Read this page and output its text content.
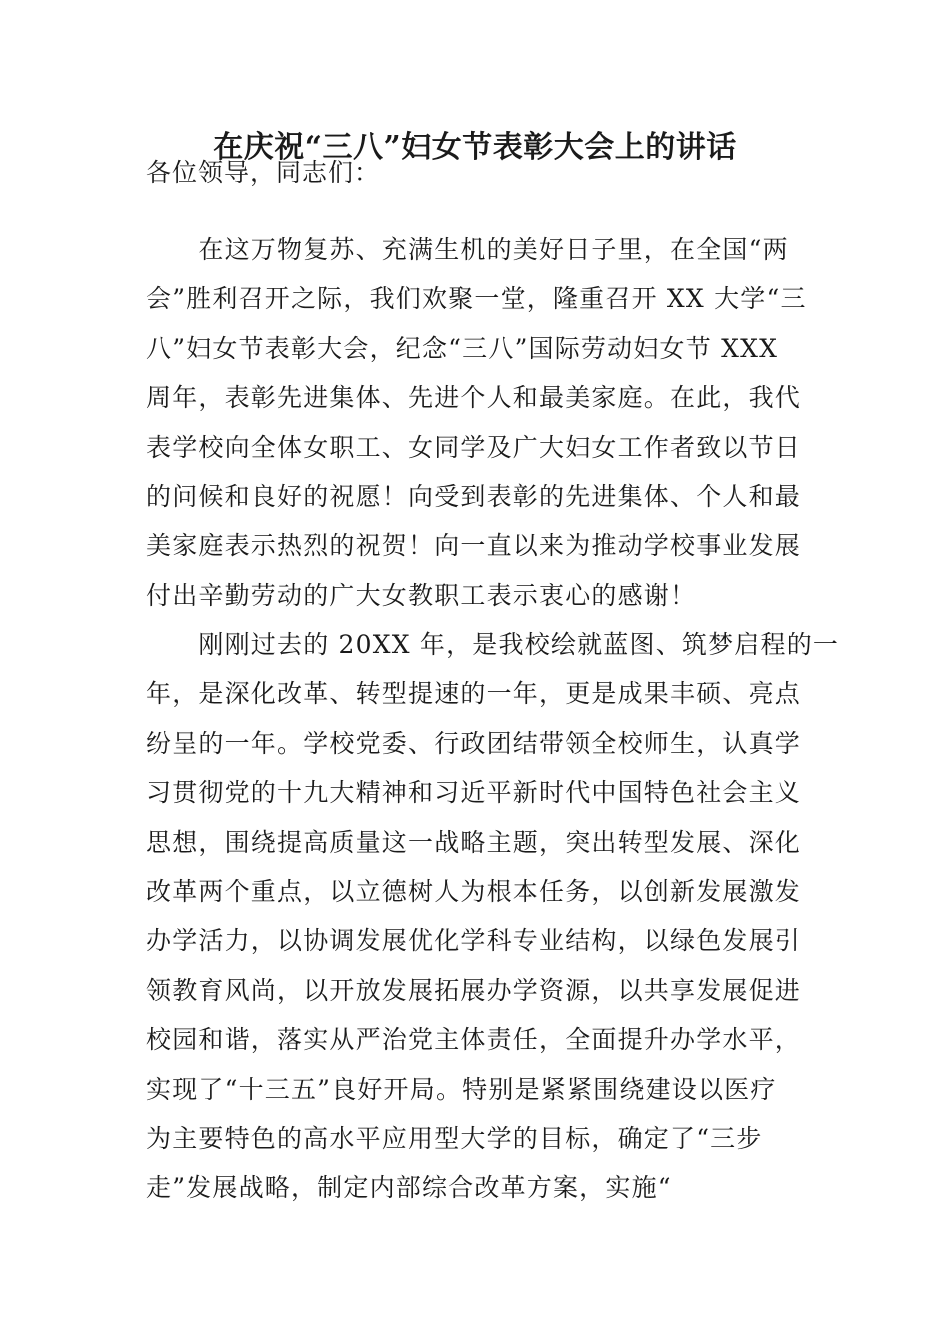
在庆祝“三八”妇女节表彰大会上的讲话
各位领导，同志们：
　　在这万物复苏、充满生机的美好日子里，在全国“两
会”胜利召开之际，我们欢聚一堂，隆重召开 XX 大学“三
八”妇女节表彰大会，纪念“三八”国际劳动妇女节 XXX
周年，表彰先进集体、先进个人和最美家庭。在此，我代
表学校向全体女职工、女同学及广大妇女工作者致以节日
的问候和良好的祝愿！向受到表彰的先进集体、个人和最
美家庭表示热烈的祝贺！向一直以来为推动学校事业发展
付出辛勤劳动的广大女教职工表示衷心的感谢！
　　刚刚过去的 20XX 年，是我校绘就蓝图、筑梦启程的一
年，是深化改革、转型提速的一年，更是成果丰硕、亮点
纷呈的一年。学校党委、行政团结带领全校师生，认真学
习贯彻党的十九大精神和习近平新时代中国特色社会主义
思想，围绕提高质量这一战略主题，突出转型发展、深化
改革两个重点，以立德树人为根本任务，以创新发展激发
办学活力，以协调发展优化学科专业结构，以绿色发展引
领教育风尚，以开放发展拓展办学资源，以共享发展促进
校园和谐，落实从严治党主体责任，全面提升办学水平，
实现了“十三五”良好开局。特别是紧紧围绕建设以医疗
为主要特色的高水平应用型大学的目标，确定了“三步
走”发展战略，制定内部综合改革方案，实施“
